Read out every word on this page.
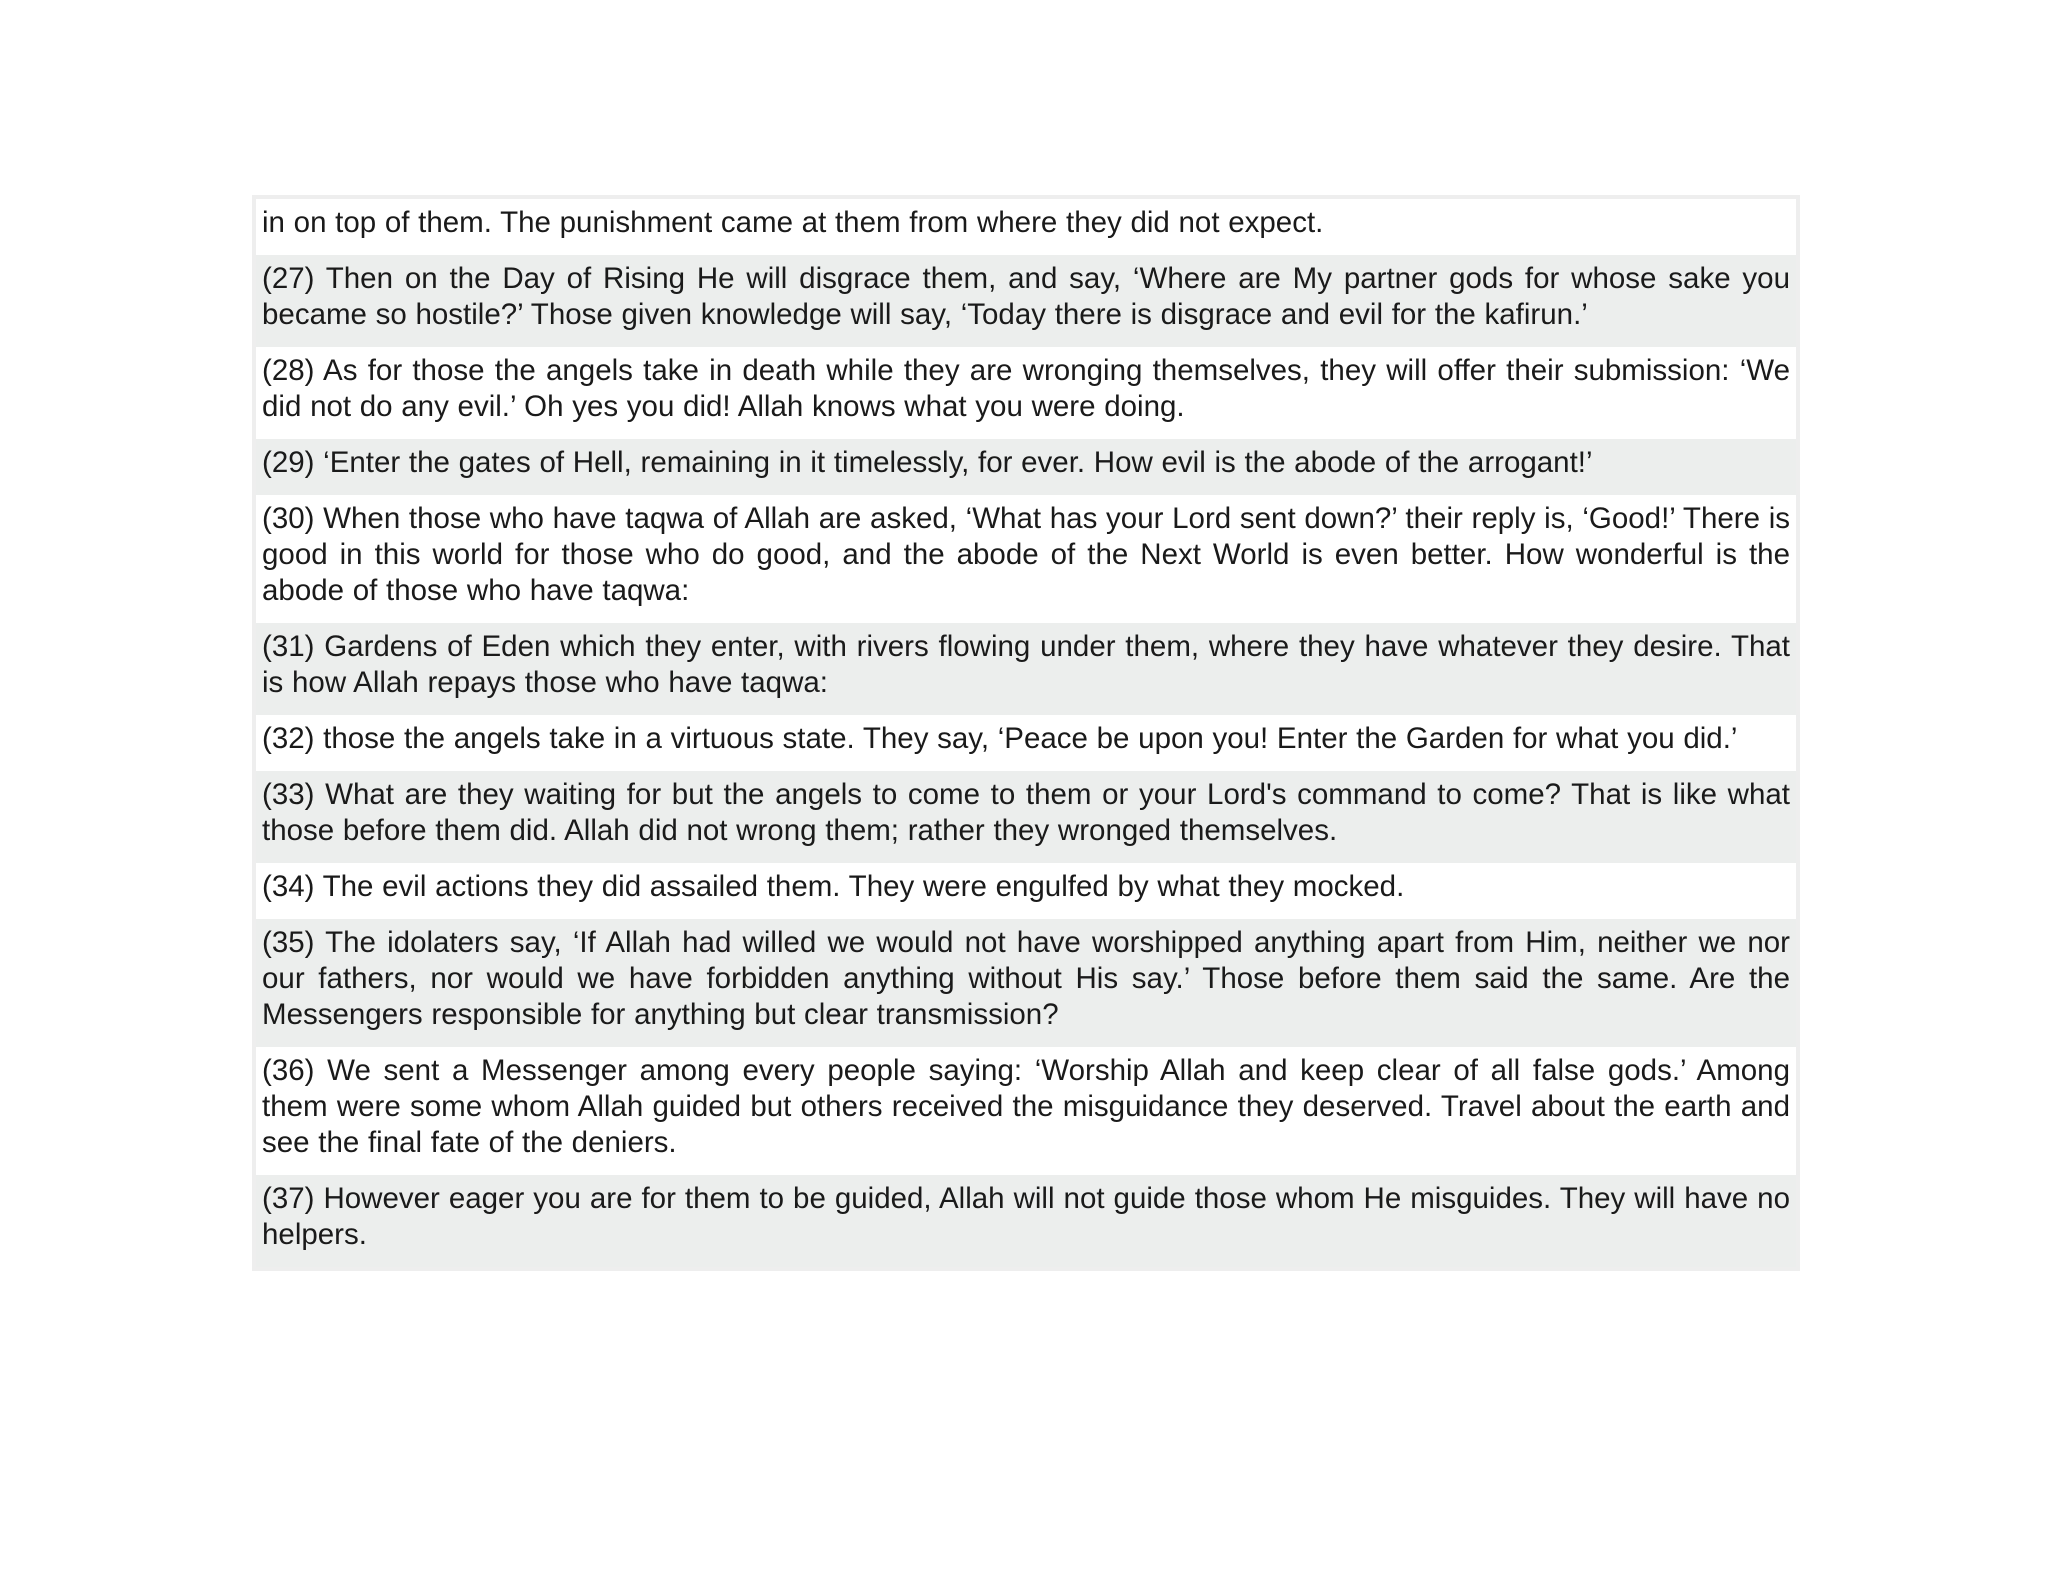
in on top of them. The punishment came at them from where they did not expect.
(27) Then on the Day of Rising He will disgrace them, and say, ‘Where are My partner gods for whose sake you became so hostile?’ Those given knowledge will say, ‘Today there is disgrace and evil for the kafirun.’
(28) As for those the angels take in death while they are wronging themselves, they will offer their submission: ‘We did not do any evil.’ Oh yes you did! Allah knows what you were doing.
(29) ‘Enter the gates of Hell, remaining in it timelessly, for ever. How evil is the abode of the arrogant!’
(30) When those who have taqwa of Allah are asked, ‘What has your Lord sent down?’ their reply is, ‘Good!’ There is good in this world for those who do good, and the abode of the Next World is even better. How wonderful is the abode of those who have taqwa:
(31) Gardens of Eden which they enter, with rivers flowing under them, where they have whatever they desire. That is how Allah repays those who have taqwa:
(32) those the angels take in a virtuous state. They say, ‘Peace be upon you! Enter the Garden for what you did.’
(33) What are they waiting for but the angels to come to them or your Lord's command to come? That is like what those before them did. Allah did not wrong them; rather they wronged themselves.
(34) The evil actions they did assailed them. They were engulfed by what they mocked.
(35) The idolaters say, ‘If Allah had willed we would not have worshipped anything apart from Him, neither we nor our fathers, nor would we have forbidden anything without His say.’ Those before them said the same. Are the Messengers responsible for anything but clear transmission?
(36) We sent a Messenger among every people saying: ‘Worship Allah and keep clear of all false gods.’ Among them were some whom Allah guided but others received the misguidance they deserved. Travel about the earth and see the final fate of the deniers.
(37) However eager you are for them to be guided, Allah will not guide those whom He misguides. They will have no helpers.
